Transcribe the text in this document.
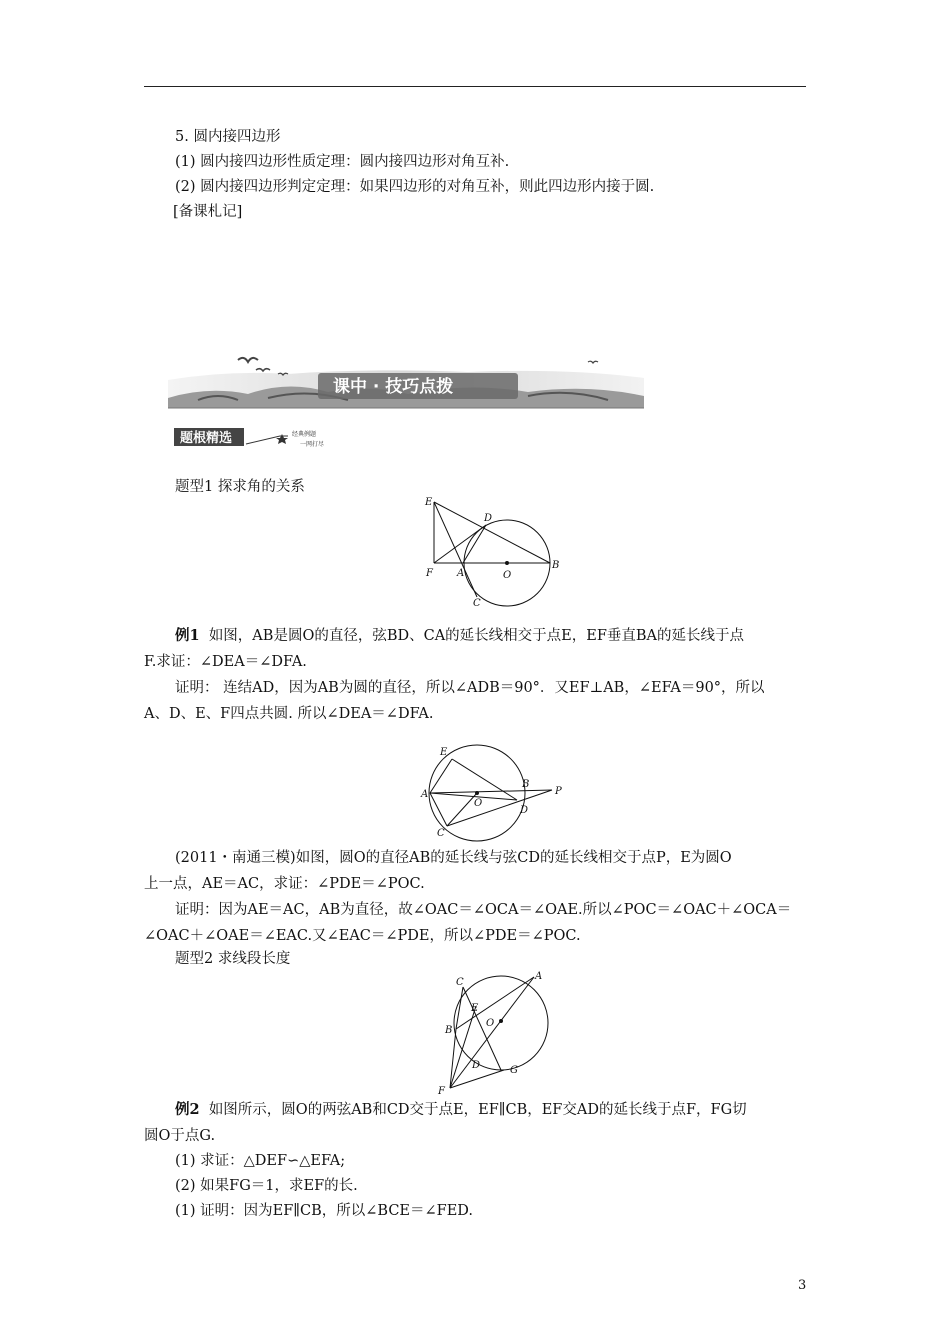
5. 圆内接四边形
(1) 圆内接四边形性质定理：圆内接四边形对角互补.
(2) 圆内接四边形判定定理：如果四边形的对角互补，则此四边形内接于圆.
[备课札记]
课中 · 技巧点拨
题根精选	经典例题
一网打尽
题型1 探求角的关系
E
D
F A	O
B
C
例1 如图，AB是圆O的直径，弦BD、CA的延长线相交于点E，EF垂直BA的延长线于点
F.求证：∠DEA＝∠DFA.
证明： 连结AD，因为AB为圆的直径，所以∠ADB＝90°．又EF⊥AB，∠EFA＝90°，所以
A、D、E、F四点共圆. 所以∠DEA＝∠DFA.
E
B
P
A
O
D
C
(2011・南通三模)如图，圆O的直径AB的延长线与弦CD的延长线相交于点P，E为圆O
上一点，AE＝AC，求证：∠PDE＝∠POC.
证明：因为AE＝AC，AB为直径，故∠OAC＝∠OCA＝∠OAE.所以∠POC＝∠OAC＋∠OCA＝
∠OAC＋∠OAE＝∠EAC.又∠EAC＝∠PDE，所以∠PDE＝∠POC.
题型2 求线段长度
C
A
E
O
B
D	G
F
例2 如图所示，圆O的两弦AB和CD交于点E，EF∥CB，EF交AD的延长线于点F，FG切
圆O于点G.
(1) 求证：△DEF∽△EFA;
(2) 如果FG＝1，求EF的长.
(1) 证明：因为EF∥CB，所以∠BCE＝∠FED.
3
